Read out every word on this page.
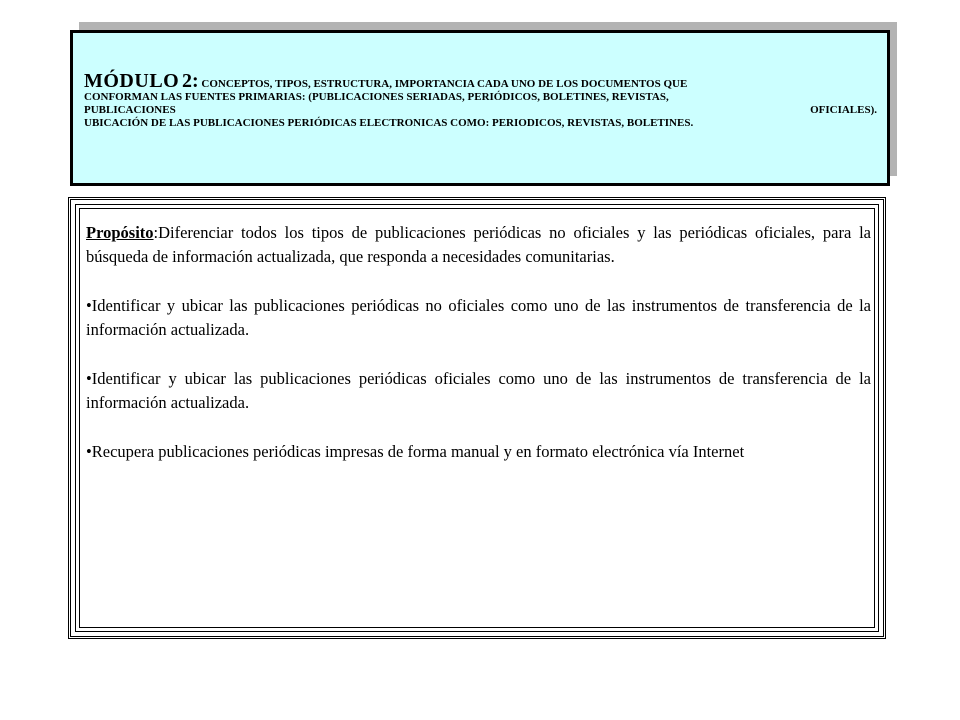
MÓDULO 2: CONCEPTOS, TIPOS, ESTRUCTURA, IMPORTANCIA CADA UNO DE LOS DOCUMENTOS QUE
CONFORMAN LAS FUENTES PRIMARIAS: (PUBLICACIONES SERIADAS, PERIÓDICOS, BOLETINES, REVISTAS,
PUBLICACIONES	OFICIALES).
UBICACIÓN DE LAS PUBLICACIONES PERIÓDICAS ELECTRONICAS COMO: PERIODICOS, REVISTAS, BOLETINES.

Propósito:Diferenciar todos los tipos de publicaciones periódicas no oficiales y las periódicas oficiales, para la búsqueda de información actualizada, que responda a necesidades comunitarias.

•Identificar y ubicar las publicaciones periódicas no oficiales como uno de las instrumentos de transferencia de la información actualizada.

•Identificar y ubicar las publicaciones periódicas oficiales como uno de las instrumentos de transferencia de la información actualizada.

•Recupera publicaciones periódicas impresas de forma manual y en formato electrónica vía Internet
